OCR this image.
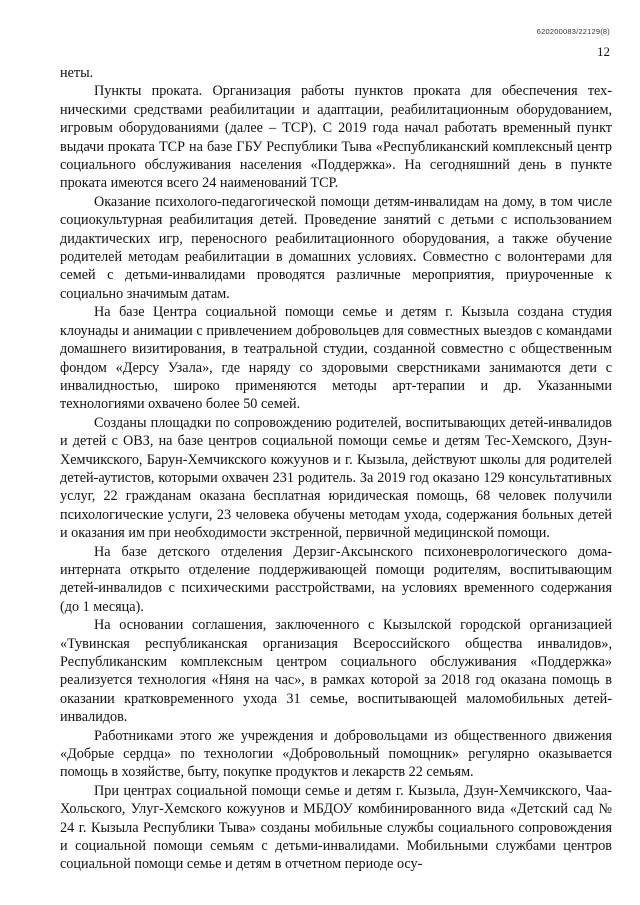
620200083/22129(8)
12

неты.

Пункты проката. Организация работы пунктов проката для обеспечения техническими средствами реабилитации и адаптации, реабилитационным оборудованием, игровым оборудованиями (далее – ТСР). С 2019 года начал работать временный пункт выдачи проката ТСР на базе ГБУ Республики Тыва «Республиканский комплексный центр социального обслуживания населения «Поддержка». На сегодняшний день в пункте проката имеются всего 24 наименований ТСР.

Оказание психолого-педагогической помощи детям-инвалидам на дому, в том числе социокультурная реабилитация детей. Проведение занятий с детьми с использованием дидактических игр, переносного реабилитационного оборудования, а также обучение родителей методам реабилитации в домашних условиях. Совместно с волонтерами для семей с детьми-инвалидами проводятся различные мероприятия, приуроченные к социально значимым датам.

На базе Центра социальной помощи семье и детям г. Кызыла создана студия клоунады и анимации с привлечением добровольцев для совместных выездов с командами домашнего визитирования, в театральной студии, созданной совместно с общественным фондом «Дерсу Узала», где наряду со здоровыми сверстниками занимаются дети с инвалидностью, широко применяются методы арт-терапии и др. Указанными технологиями охвачено более 50 семей.

Созданы площадки по сопровождению родителей, воспитывающих детей-инвалидов и детей с ОВЗ, на базе центров социальной помощи семье и детям Тес-Хемского, Дзун-Хемчикского, Барун-Хемчикского кожуунов и г. Кызыла, действуют школы для родителей детей-аутистов, которыми охвачен 231 родитель. За 2019 год оказано 129 консультативных услуг, 22 гражданам оказана бесплатная юридическая помощь, 68 человек получили психологические услуги, 23 человека обучены методам ухода, содержания больных детей и оказания им при необходимости экстренной, первичной медицинской помощи.

На базе детского отделения Дерзиг-Аксынского психоневрологического дома-интерната открыто отделение поддерживающей помощи родителям, воспитывающим детей-инвалидов с психическими расстройствами, на условиях временного содержания (до 1 месяца).

На основании соглашения, заключенного с Кызылской городской организацией «Тувинская республиканская организация Всероссийского общества инвалидов», Республиканским комплексным центром социального обслуживания «Поддержка» реализуется технология «Няня на час», в рамках которой за 2018 год оказана помощь в оказании кратковременного ухода 31 семье, воспитывающей маломобильных детей-инвалидов.

Работниками этого же учреждения и добровольцами из общественного движения «Добрые сердца» по технологии «Добровольный помощник» регулярно оказывается помощь в хозяйстве, быту, покупке продуктов и лекарств 22 семьям.

При центрах социальной помощи семье и детям г. Кызыла, Дзун-Хемчикского, Чаа-Хольского, Улуг-Хемского кожуунов и МБДОУ комбинированного вида «Детский сад № 24 г. Кызыла Республики Тыва» созданы мобильные службы социального сопровождения и социальной помощи семьям с детьми-инвалидами. Мобильными службами центров социальной помощи семье и детям в отчетном периоде осу-
